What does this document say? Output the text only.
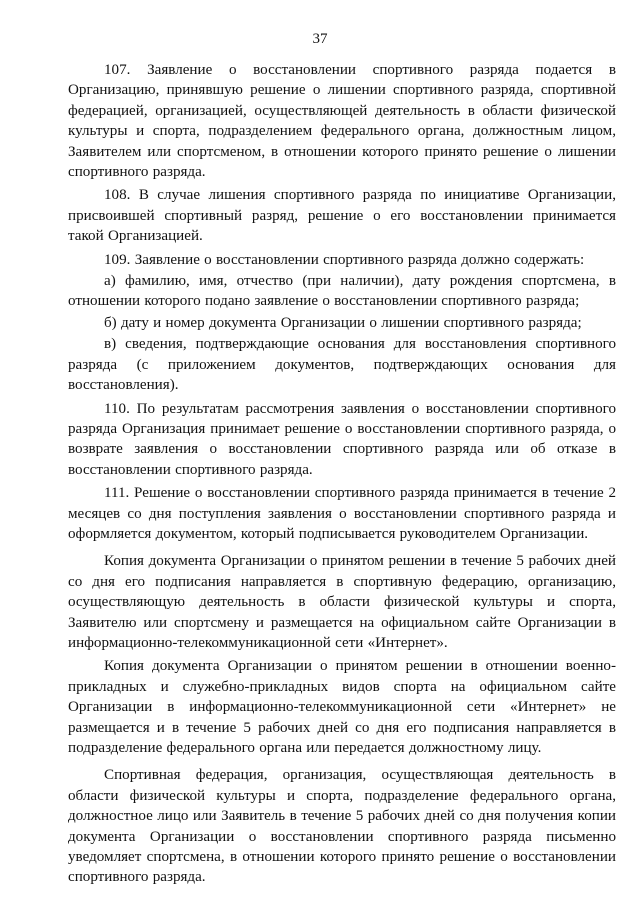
37

107. Заявление о восстановлении спортивного разряда подается в Организацию, принявшую решение о лишении спортивного разряда, спортивной федерацией, организацией, осуществляющей деятельность в области физической культуры и спорта, подразделением федерального органа, должностным лицом, Заявителем или спортсменом, в отношении которого принято решение о лишении спортивного разряда.

108. В случае лишения спортивного разряда по инициативе Организации, присвоившей спортивный разряд, решение о его восстановлении принимается такой Организацией.

109. Заявление о восстановлении спортивного разряда должно содержать:

а) фамилию, имя, отчество (при наличии), дату рождения спортсмена, в отношении которого подано заявление о восстановлении спортивного разряда;

б) дату и номер документа Организации о лишении спортивного разряда;

в) сведения, подтверждающие основания для восстановления спортивного разряда (с приложением документов, подтверждающих основания для восстановления).

110. По результатам рассмотрения заявления о восстановлении спортивного разряда Организация принимает решение о восстановлении спортивного разряда, о возврате заявления о восстановлении спортивного разряда или об отказе в восстановлении спортивного разряда.

111. Решение о восстановлении спортивного разряда принимается в течение 2 месяцев со дня поступления заявления о восстановлении спортивного разряда и оформляется документом, который подписывается руководителем Организации.

Копия документа Организации о принятом решении в течение 5 рабочих дней со дня его подписания направляется в спортивную федерацию, организацию, осуществляющую деятельность в области физической культуры и спорта, Заявителю или спортсмену и размещается на официальном сайте Организации в информационно-телекоммуникационной сети «Интернет».

Копия документа Организации о принятом решении в отношении военно-прикладных и служебно-прикладных видов спорта на официальном сайте Организации в информационно-телекоммуникационной сети «Интернет» не размещается и в течение 5 рабочих дней со дня его подписания направляется в подразделение федерального органа или передается должностному лицу.

Спортивная федерация, организация, осуществляющая деятельность в области физической культуры и спорта, подразделение федерального органа, должностное лицо или Заявитель в течение 5 рабочих дней со дня получения копии документа Организации о восстановлении спортивного разряда письменно уведомляет спортсмена, в отношении которого принято решение о восстановлении спортивного разряда.
